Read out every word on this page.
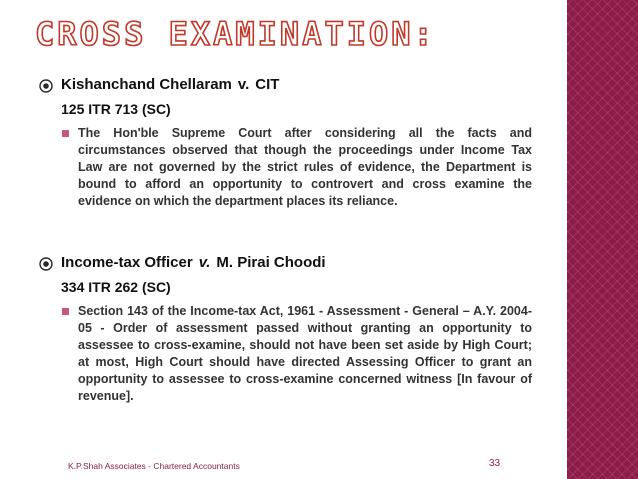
CROSS EXAMINATION:
Kishanchand Chellaram v. CIT
125 ITR 713 (SC)

The Hon'ble Supreme Court after considering all the facts and circumstances observed that though the proceedings under Income Tax Law are not governed by the strict rules of evidence, the Department is bound to afford an opportunity to controvert and cross examine the evidence on which the department places its reliance.

Income-tax Officer v. M. Pirai Choodi
334 ITR 262 (SC)

Section 143 of the Income-tax Act, 1961 - Assessment - General – A.Y. 2004-05 - Order of assessment passed without granting an opportunity to assessee to cross-examine, should not have been set aside by High Court; at most, High Court should have directed Assessing Officer to grant an opportunity to assessee to cross-examine concerned witness [In favour of revenue].

K.P.Shah Associates - Chartered Accountants	33
